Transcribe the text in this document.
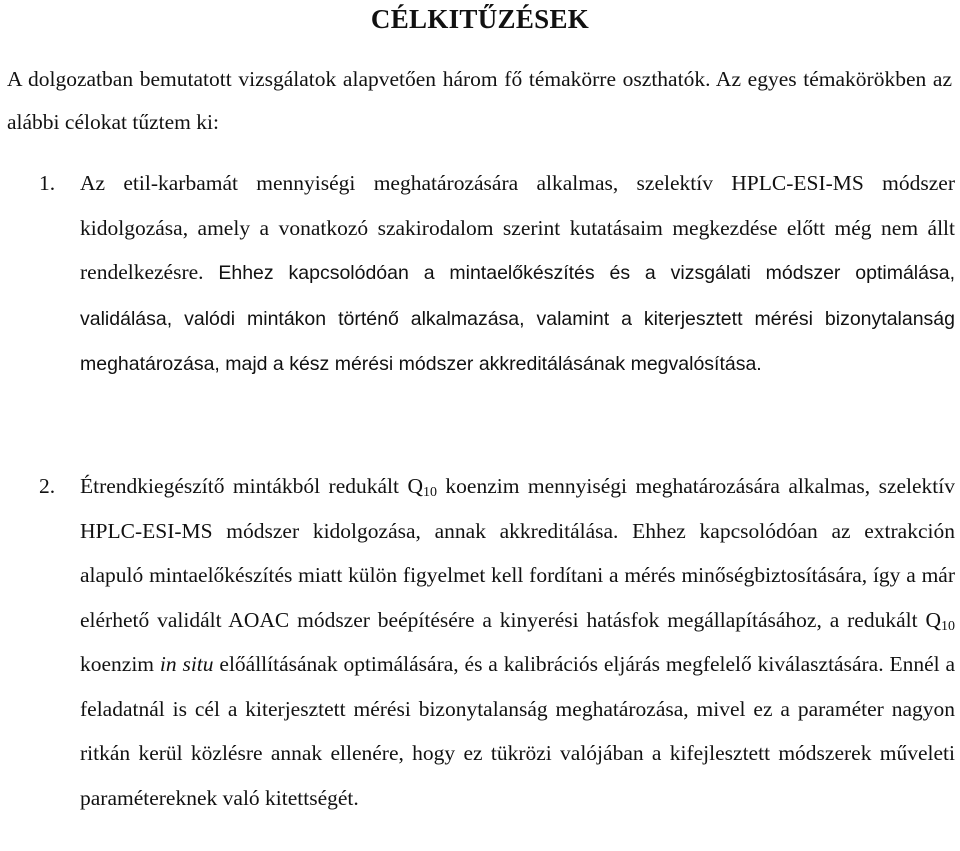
CÉLKITŰZÉSEK

A dolgozatban bemutatott vizsgálatok alapvetően három fő témakörre oszthatók. Az egyes témakörökben az alábbi célokat tűztem ki:

1. Az etil-karbamát mennyiségi meghatározására alkalmas, szelektív HPLC-ESI-MS módszer kidolgozása, amely a vonatkozó szakirodalom szerint kutatásaim megkezdése előtt még nem állt rendelkezésre. Ehhez kapcsolódóan a mintaelőkészítés és a vizsgálati módszer optimálása, validálása, valódi mintákon történő alkalmazása, valamint a kiterjesztett mérési bizonytalanság meghatározása, majd a kész mérési módszer akkreditálásának megvalósítása.
2. Étrendkiegészítő mintákból redukált $Q_{10}$ koenzim mennyiségi meghatározására alkalmas, szelektív HPLC-ESI-MS módszer kidolgozása, annak akkreditálása. Ehhez kapcsolódóan az extrakción alapuló mintaelőkészítés miatt külön figyelmet kell fordítani a mérés minőségbiztosítására, így a már elérhető validált AOAC módszer beépítésére a kinyerési hatásfok megállapításához, a redukált $Q_{10}$ koenzim in situ előállításának optimálására, és a kalibrációs eljárás megfelelő kiválasztására. Ennél a feladatnál is cél a kiterjesztett mérési bizonytalanság meghatározása, mivel ez a paraméter nagyon ritkán kerül közlésre annak ellenére, hogy ez tükrözi valójában a kifejlesztett módszerek műveleti paramétereknek való kitettségét.
